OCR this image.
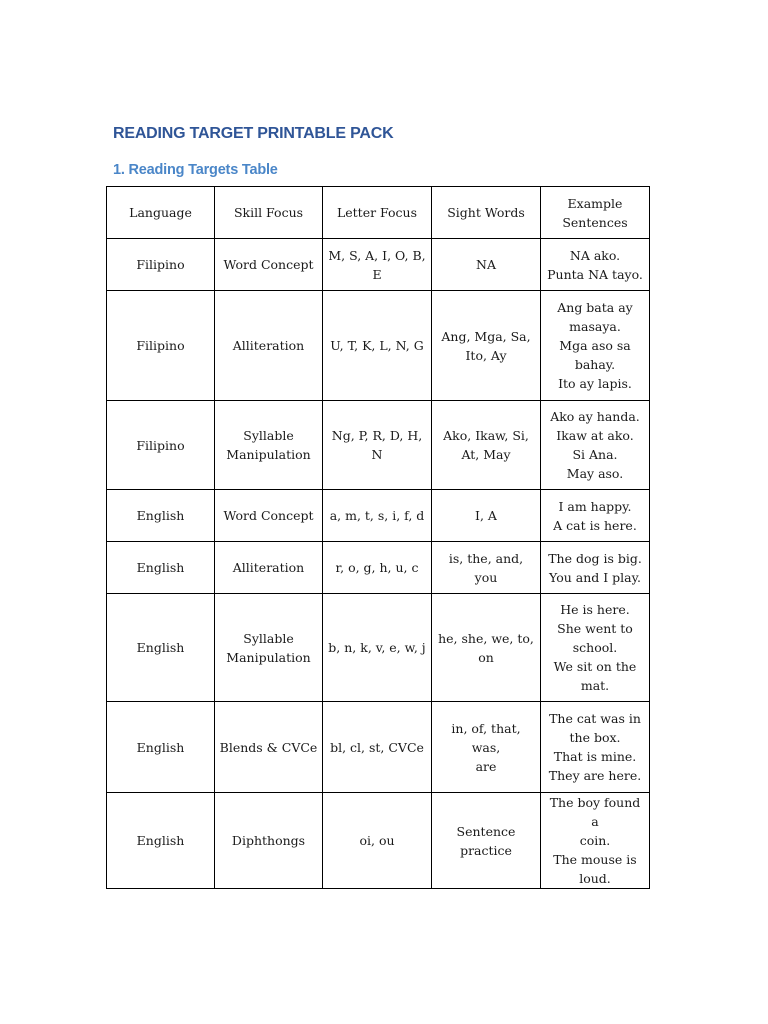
READING TARGET PRINTABLE PACK
1. Reading Targets Table
Language	Skill Focus	Letter Focus	Sight Words	Example
Sentences

Filipino	Word Concept	M, S, A, I, O, B, E	NA	NA ako.
Punta NA tayo.

Filipino	Alliteration	U, T, K, L, N, G	Ang, Mga, Sa,
Ito, Ay	Ang bata ay
masaya.
Mga aso sa
bahay.
Ito ay lapis.

Filipino	Syllable
Manipulation	Ng, P, R, D, H, N	Ako, Ikaw, Si,
At, May	Ako ay handa.
Ikaw at ako.
Si Ana.
May aso.

English	Word Concept	a, m, t, s, i, f, d	I, A	I am happy.
A cat is here.

English	Alliteration	r, o, g, h, u, c	is, the, and, you	The dog is big.
You and I play.

English	Syllable
Manipulation	b, n, k, v, e, w, j	he, she, we, to,
on	He is here.
She went to
school.
We sit on the
mat.

English	Blends & CVCe	bl, cl, st, CVCe	in, of, that, was,
are	The cat was in
the box.
That is mine.
They are here.

English	Diphthongs	oi, ou	Sentence
practice	The boy found a
coin.
The mouse is
loud.
